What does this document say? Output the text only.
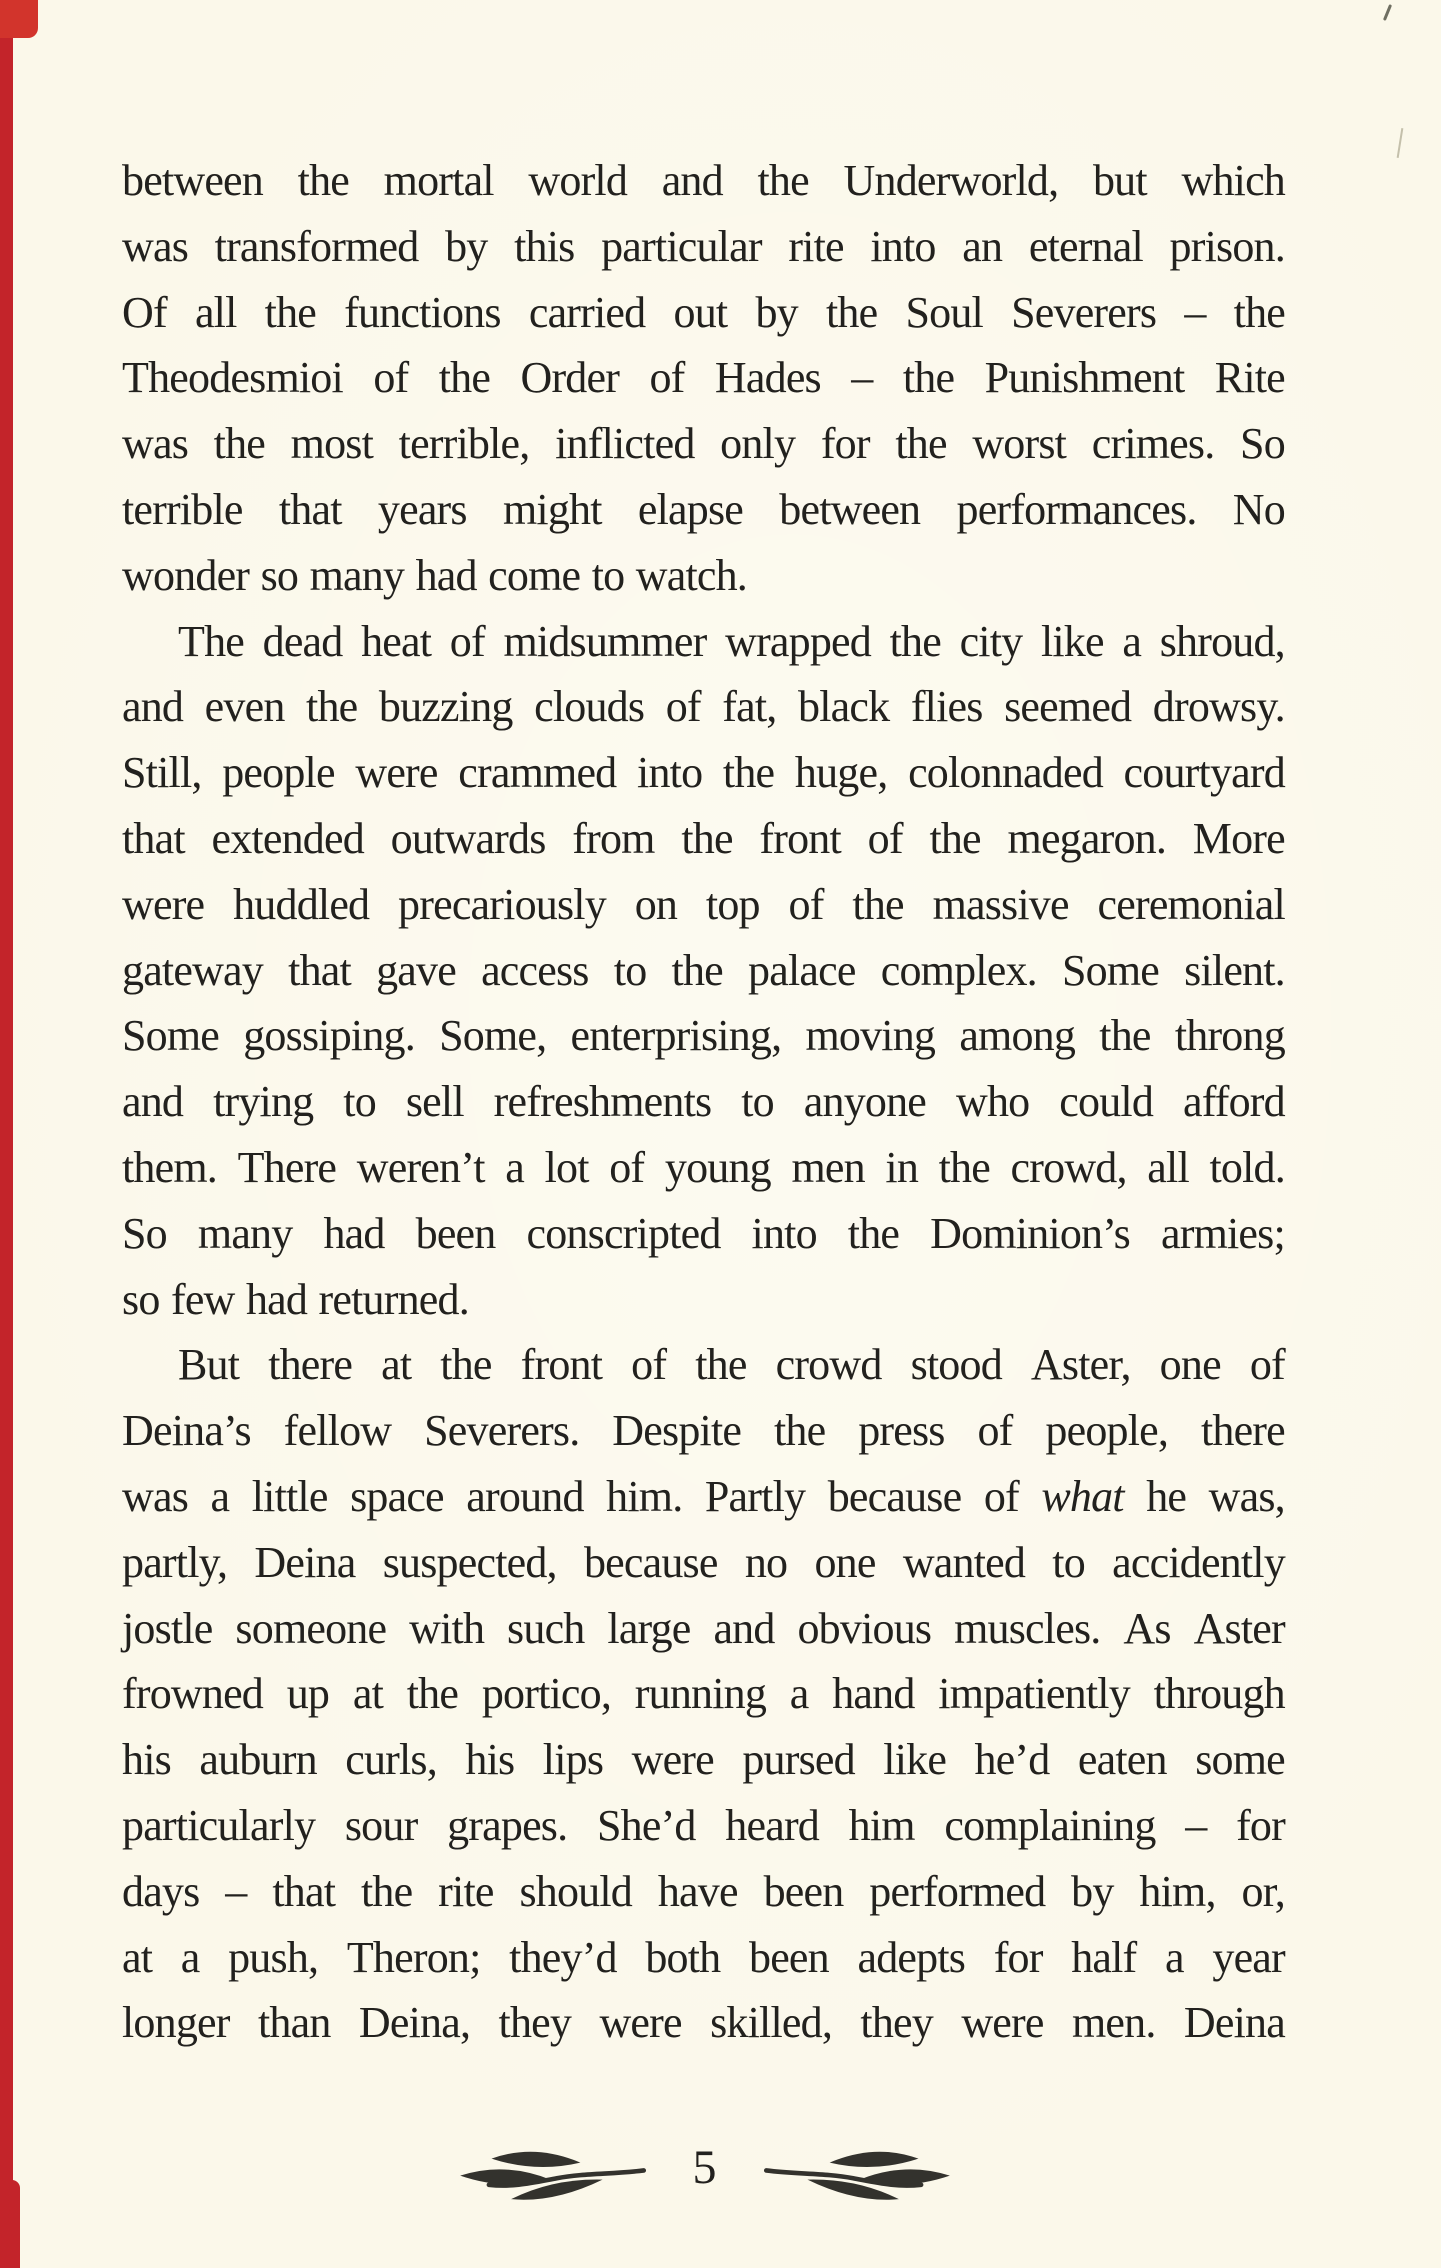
between the mortal world and the Underworld, but which
was transformed by this particular rite into an eternal prison.
Of all the functions carried out by the Soul Severers – the
Theodesmioi of the Order of Hades – the Punishment Rite
was the most terrible, inflicted only for the worst crimes. So
terrible that years might elapse between performances. No
wonder so many had come to watch.
The dead heat of midsummer wrapped the city like a shroud,
and even the buzzing clouds of fat, black flies seemed drowsy.
Still, people were crammed into the huge, colonnaded courtyard
that extended outwards from the front of the megaron. More
were huddled precariously on top of the massive ceremonial
gateway that gave access to the palace complex. Some silent.
Some gossiping. Some, enterprising, moving among the throng
and trying to sell refreshments to anyone who could afford
them. There weren’t a lot of young men in the crowd, all told.
So many had been conscripted into the Dominion’s armies;
so few had returned.
But there at the front of the crowd stood Aster, one of
Deina’s fellow Severers. Despite the press of people, there
was a little space around him. Partly because of what he was,
partly, Deina suspected, because no one wanted to accidently
jostle someone with such large and obvious muscles. As Aster
frowned up at the portico, running a hand impatiently through
his auburn curls, his lips were pursed like he’d eaten some
particularly sour grapes. She’d heard him complaining – for
days – that the rite should have been performed by him, or,
at a push, Theron; they’d both been adepts for half a year
longer than Deina, they were skilled, they were men. Deina
5
